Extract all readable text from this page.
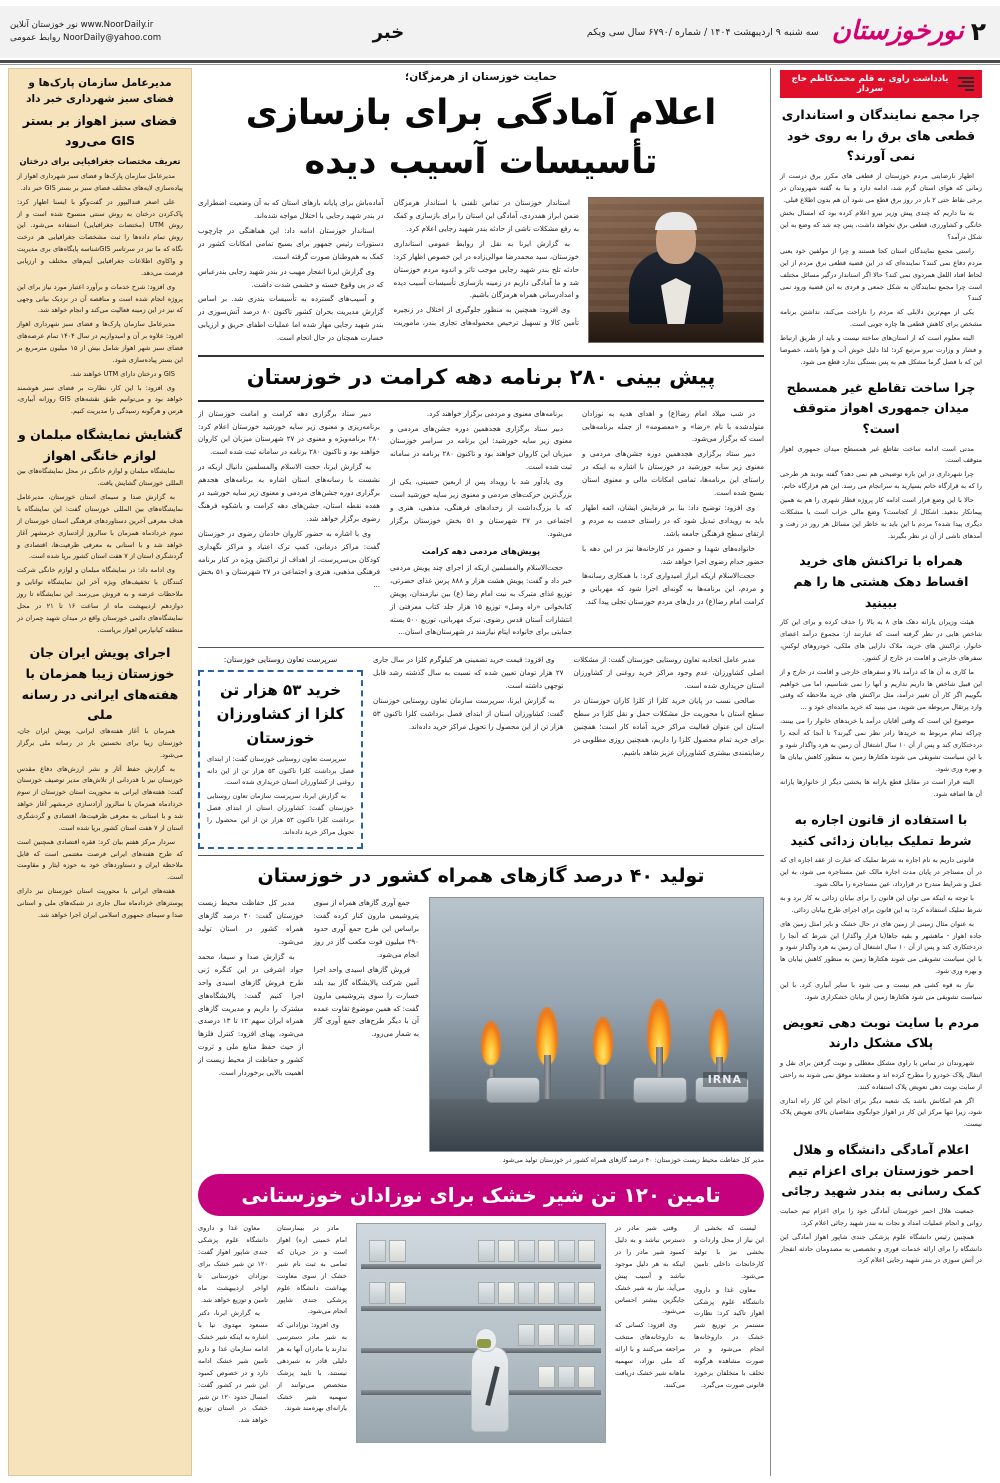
۲
نورخوزستان
سه شنبه ۹ اردیبهشت ۱۴۰۴ / شماره /۶۷۹۰ سال سی ویکم
خبر
نور خوزستان آنلاین www.NoorDaily.ir
روابط عمومی NoorDaily@yahoo.com
مدیرعامل سازمان پارک‌ها و فضای سبز شهرداری خبر داد
فضای سبز اهواز بر بستر GIS می‌رود
تعریف مختصات جغرافیایی برای درختان

مدیرعامل سازمان پارک‌ها و فضای سبز شهرداری اهواز از پیاده‌سازی لایه‌های مختلف فضای سبز بر بستر GIS خبر داد.

علی اصغر قندالیپور در گفت‌وگو با ایسنا اظهار کرد: پاک‌کردن درختان به روش سنتی منسوخ شده است و از روش UTM (مختصات جغرافیایی) استفاده می‌شود. این روش تمام داده‌ها را ثبت مشخصات جغرافیایی هر درخت نگاه که ما نیز در سرتاسر GIS‌شناسه پایگاه‌های بری مدیریت و واکاوی اطلاعات جغرافیایی آیتم‌های مختلف و ارزیابی فرصت می‌دهد.

وی افزود: شرح خدمات و برآورد اعتبار مورد نیاز برای این پروژه انجام شده است و مناقصه آن در نزدیک بیانی وجهی که نیز در این زمینه فعالیت می‌کند و انجام خواهد شد.

مدیرعامل سازمان پارک‌ها و فضای سبز شهرداری اهواز افزود: علاوه بر آن و امیدواریم در سال ۱۴۰۴ تمام عرصه‌های فضای سبز شهر اهواز شامل بیش از ۱۵ میلیون مترمربع بر این بستر پیاده‌سازی شود.

GIS و درختان دارای UTM خواهند شد.

وی افزود: با این کار، نظارت بر فضای سبز هوشمند خواهد بود و می‌توانیم طبق نقشه‌های GIS روزانه آبیاری، هرس و هرگونه رسیدگی را مدیریت کنیم.

گشایش نمایشگاه مبلمان و لوازم خانگی اهواز

نمایشگاه مبلمان و لوازم خانگی در محل نمایشگاه‌های بین المللی خوزستان گشایش یافت.

به گزارش صدا و سیمای استان خوزستان، مدیرعامل نمایشگاه‌های بین المللی خوزستان گفت: این نمایشگاه با هدف معرفی آخرین دستاوردهای فرهنگی استان خوزستان از سوم خردادماه همزمان با سالروز آزادسازی خرمشهر آغاز خواهد شد و با استانی به معرفی ظرفیت‌ها، اقتصادی و گردشگری استان از ۷ هفت استان کشور برپا شده است.

وی ادامه داد: در نمایشگاه مبلمان و لوازم خانگی شرکت کنندگان با تخفیف‌های ویژه آخر این نمایشگاه توانایی و ملاحظات عرضه و به فروش می‌رسد. این نمایشگاه تا روز دوازدهم اردیبهشت ماه از ساعت ۱۶ تا ۲۱ در محل نمایشگاه‌های دائمی خوزستان واقع در میدان شهید چمران در منطقه کیانپارس اهواز برپاست.

اجرای پویش ایران جان خوزستان زیبا همزمان با هفته‌های ایرانی در رسانه ملی

همزمان با آغاز هفته‌های ایرانی، پویش ایران جان، خوزستان زیبا برای نخستین بار در رسانه ملی برگزار می‌شود.

به گزارش حفظ آثار و نشر ارزش‌های دفاع مقدس خوزستان نیز با قدردانی از تلاش‌های مدیر توصیف خوزستان گفت: هفته‌های ایرانی به محوریت استان خوزستان از سوم خردادماه همزمان با سالروز آزادسازی خرمشهر آغاز خواهد شد و با استانی به معرفی ظرفیت‌ها، اقتصادی و گردشگری استان از ۷ هفت استان کشور برپا شده است.

سردار مرکز هفتم بیان کرد: فقره اقتصادی همچنین است که طرح هفته‌های ایرانی فرصت مغتنمی است که قابل ملاحظه ایران و دستاوردهای خود به حوزه ایثار و مقاومت است.

هفته‌های ایرانی با محوریت استان خوزستان نیز دارای پوسترهای خردادماه سال جاری در شبکه‌های ملی و استانی صدا و سیمای جمهوری اسلامی ایران اجرا خواهد شد.

حمایت خوزستان از هرمزگان؛
اعلام آمادگی برای بازسازی تأسیسات آسیب دیده

استاندار خوزستان در تماس تلفنی با استاندار هرمزگان ضمن ابراز همدردی، آمادگی این استان را برای بازسازی و کمک به رفع مشکلات ناشی از حادثه بندر شهید رجایی اعلام کرد.

به گزارش ایرنا به نقل از روابط عمومی استانداری خوزستان، سید محمدرضا موالی‌زاده در این خصوص اظهار کرد: حادثه تلخ بندر شهید رجایی موجب تاثر و اندوه مردم خوزستان شد و ما آمادگی داریم در زمینه بازسازی تأسیسات آسیب دیده و امدادرسانی همراه هرمزگان باشیم.

وی افزود: همچنین به منظور جلوگیری از اختلال در زنجیره تأمین کالا و تسهیل ترخیص محموله‌های تجاری بندر، ماموریت آماده‌باش برای پایانه بارهای استان که به آن وضعیت اضطراری در بندر شهید رجایی با اختلال مواجه شده‌اند.

استاندار خوزستان ادامه داد: این هماهنگی در چارچوب دستورات رئیس جمهور برای بسیج تمامی امکانات کشور در کمک به هم‌وطنان صورت گرفته است.

وی گزارش ایرنا انفجار مهیب در بندر شهید رجایی بندرعباس که در پی وقوع خسته و خشمی شدت داشت.

و آسیب‌های گسترده به تأسیسات بندری شد. بر اساس گزارش مدیریت بحران کشور تاکنون ۸۰ درصد آتش‌سوزی در بندر شهید رجایی مهار شده اما عملیات اطفای حریق و ارزیابی خسارت همچنان در حال انجام است.

پیش بینی ۲۸۰ برنامه دهه کرامت در خوزستان

در شب میلاد امام رضا(ع) و اهدای هدیه به نوزادان متولدشده با نام «رضا» و «معصومه» از جمله برنامه‌هایی است که برگزار می‌شود.

دبیر ستاد برگزاری هجدهمین دوره جشن‌های مردمی و معنوی زیر سایه خورشید در خوزستان با اشاره به اینکه در راستای این برنامه‌ها، تمامی امکانات مالی و معنوی استان بسیج شده است.

وی افزود: توضیح داد: بنا بر فرمایش ایشان، ائمه اطهار باید به رویدادی تبدیل شود که در راستای خدمت به مردم و ارتقای سطح فرهنگی جامعه باشد.

خانواده‌های شهدا و حضور در کارخانه‌ها نیز در این دهه با حضور خدام رضوی اجرا خواهد شد.

حجت‌الاسلام اریکه ابراز امیدواری کرد: با همکاری رسانه‌ها و مردم، این برنامه‌ها به گونه‌ای اجرا شود که مهربانی و کرامت امام رضا(ع) در دل‌های مردم خوزستان تجلی پیدا کند.

برنامه‌های معنوی و مردمی برگزار خواهند کرد.

دبیر ستاد برگزاری هجدهمین دوره جشن‌های مردمی و معنوی زیر سایه خورشید: این برنامه در سراسر خوزستان میزبان این کاروان خواهند بود و تاکنون ۲۸۰ برنامه در سامانه ثبت شده است.

وی یادآور شد با رویداد پس از اربعین حسینی، یکی از بزرگ‌ترین حرکت‌های مردمی و معنوی زیر سایه خورشید است که با بزرگ‌داشت از رخدادهای فرهنگی، مذهبی، هنری و اجتماعی در ۲۷ شهرستان و ۵۱ بخش خوزستان برگزار می‌شود.

پویش‌های مردمی دهه کرامت

حجت‌الاسلام والمسلمین اریکه از اجرای چند پویش مردمی خبر داد و گفت: پویش هشت هزار و ۸۸۸ پرس غذای حضرتی، توزیع غذای متبرک به نیت امام رضا (ع) بین نیازمندان، پویش کتابخوانی «راه وصل» توزیع ۱۵ هزار جلد کتاب معرفتی از انتشارات آستان قدس رضوی، تبرک مهربانی، توزیع ۵۰۰ بسته حمایتی برای خانواده ایتام نیازمند در شهرستان‌های استان...

دبیر ستاد برگزاری دهه کرامت و امامت خوزستان از برنامه‌ریزی و معنوی زیر سایه خورشید خوزستان اعلام کرد: ۲۸۰ برنامه‌ویژه و معنوی در ۲۷ شهرستان میزبان این کاروان خواهند بود و تاکنون ۲۸۰ برنامه در سامانه ثبت شده است.

به گزارش ایرنا، حجت الاسلام والمسلمین دانیال اریکه در نشست با رسانه‌های استان اشاره به برنامه‌های هجدهم برگزاری دوره جشن‌های مردمی و معنوی زیر سایه خورشید در هفده نقطه استان، جشن‌های دهه کرامت و باشکوه فرهنگ رضوی برگزار خواهد شد.

وی با اشاره به حضور کاروان خادمان رضوی در خوزستان گفت: مراکز درمانی، کمپ ترک اعتیاد و مراکز نگهداری کودکان بی‌سرپرست، از اهداف از تراکنش ویژه در کنار برنامه فرهنگی مذهبی، هنری و اجتماعی در ۲۷ شهرستان و ۵۱ بخش ...

مدیر عامل اتحادیه تعاون روستایی خوزستان گفت: از مشکلات اصلی کشاورزان، عدم وجود مراکز خرید روغنی از کشاورزان استان خریداری شده است.

صالحی نسب در پایان خرید کلزا از کلزا کاران خوزستان در سطح استان با محوریت حل مشکلات حمل و نقل کلزا در سطح استان این عنوان فعالیت مراکز خرید آماده کار است؛ همچنین برای خرید تمام محصول کلزا را داریم، همچنین روزی مطلوبی در رضایتمندی بیشتری کشاورزان عزیز شاهد باشیم.

وی افزود: قیمت خرید تضمینی هر کیلوگرم کلزا در سال جاری ۲۷ هزار تومان تعیین شده که نسبت به سال گذشته رشد قابل توجهی داشته است.

به گزارش ایرنا، سرپرست سازمان تعاون روستایی خوزستان گفت: کشاورزان استان از ابتدای فصل برداشت کلزا تاکنون ۵۳ هزار تن از این محصول را تحویل مراکز خرید داده‌اند.

سرپرست تعاون روستایی خوزستان:
خرید ۵۳ هزار تن کلزا از کشاورزان خوزستان

سرپرست تعاون روستایی خوزستان گفت: از ابتدای فصل برداشت کلزا تاکنون ۵۳ هزار تن از این دانه روغنی از کشاورزان استان خریداری شده است.

به گزارش ایرنا، سرپرست سازمان تعاون روستایی خوزستان گفت: کشاورزان استان از ابتدای فصل برداشت کلزا تاکنون ۵۳ هزار تن از این محصول را تحویل مراکز خرید داده‌اند.

تولید ۴۰ درصد گازهای همراه کشور در خوزستان
IRNA
مدیر کل حفاظت محیط زیست خوزستان: ۴۰ درصد گازهای همراه کشور در خوزستان تولید می‌شود

جمع آوری گازهای همراه از سوی پتروشیمی مارون کنار کرده گفت: براساس این طرح جمع آوری حدود ۲۹۰ میلیون فوت مکعب گاز در روز انجام می‌شود.

فروش گازهای اسیدی واحد اجرا آمین شرکت پالایشگاه گاز بید بلند خسارت را سوی پتروشیمی مارون گفت: که همین موضوع تفاوت عمده آن با دیگر طرح‌های جمع آوری گاز به شمار می‌رود.

مدیر کل حفاظت محیط زیست خوزستان گفت: ۴۰ درصد گازهای همراه کشور در استان تولید می‌شود.

به گزارش صدا و سیما، محمد جواد اشرفی در این کنگره ژنی طرح فروش گازهای اسیدی واحد اجرا کنیم گفت: پالایشگاه‌های مشترک را داریم و مدیریت گازهای همراه ایران سهم ۱۲ تا ۱۳ درصدی می‌شود، پهنای افزود: کنترل فلزها از حیث حفظ منابع ملی و ثروت کشور و حفاظت از محیط زیست از اهمیت بالایی برخوردار است.

تامین ۱۲۰ تن شیر خشک برای نوزادان خوزستانی

لیست که بخشی از این نیاز از محل واردات و بخشی نیز با تولید کارخانجات داخلی تامین می‌شود.

معاون غذا و داروی دانشگاه علوم پزشکی اهواز تاکید کرد: نظارت مستمر بر توزیع شیر خشک در داروخانه‌ها انجام می‌شود و در صورت مشاهده هرگونه تخلف با متخلفان برخورد قانونی صورت می‌گیرد.

وقتی شیر مادر در دسترس نباشد و به دلیل کمبود شیر مادر را در اینکه به هر دلیل موجود نباشد و آسیب پیش می‌آید، نیاز به شیر خشک جایگزین بیشتر احساس می‌شود.

وی افزود: کسانی که به داروخانه‌های منتخب مراجعه می‌کنند و با ارائه کد ملی نوزاد، سهمیه ماهانه شیر خشک دریافت می‌کنند.

مادر در بیمارستان امام خمینی (ره) اهواز است و در جریان که تمامی به ثبت نام شیر خشک از سوی معاونت بهداشت دانشگاه علوم پزشکی جندی شاپور انجام می‌شود.

وی افزود: نوزادانی که به شیر مادر دسترسی ندارند یا مادران آنها به هر دلیلی قادر به شیردهی نیستند، با تایید پزشک متخصص می‌توانند از سهمیه شیر خشک یارانه‌ای بهره‌مند شوند.

معاون غذا و داروی دانشگاه علوم پزشکی جندی شاپور اهواز گفت: ۱۲۰ تن شیر خشک برای نوزادان خوزستانی تا اواخر اردیبهشت ماه تامین و توزیع خواهد شد.

به گزارش ایرنا، دکتر مسعود مهدوی نیا با اشاره به اینکه شیر خشک ادامه سازمان غذا و دارو تامین شیر خشک ادامه دارد و در خصوص کمبود این شیر در کشور گفت: امسال حدود ۱۲۰ تن شیر خشک در استان توزیع خواهد شد.

یادداشت راوی به قلم محمدکاظم حاج سردار
چرا مجمع نمایندگان و استانداری قطعی های برق را به روی خود نمی آورند؟

اظهار نارضایتی مردم خوزستان از قطعی های مکرر برق درست از زمانی که هوای استان گرم شد، ادامه دارد و بنا به گفته شهروندان در برخی نقاط حتی ۲ بار در روز برق قطع می شود آن هم بدون اطلاع قبلی.

به بنا داریم که چندی پیش وزیر نیرو اعلام کرده بود که امسال بخش خانگی و کشاورزی، قطعی برق نخواهد داشت، پس چه شد که وضع به این شکل درآمد؟

راستی مجمع نمایندگان استان کجا هستند و چرا از مولفین خود یعنی مردم دفاع نمی کنند؟ نماینده‌ای که در این قضیه قطعی برق مردم از این لحاظ افتاد اللعل همردوی نمی کند؟ حالا اگر استاندار درگیر مسائل مختلف است چرا مجمع نمایندگان به شکل جمعی و فردی به این قضیه ورود نمی کنند؟

یکی از مهم‌ترین دلایلی که مردم را ناراحت می‌کند، نداشتن برنامه مشخص برای کاهش قطعی ها چاره جویی است.

البته معلوم است که از استان‌های ساخته نیست و باید از طریق ارتباط و فشار و وزارت نیرو مرتبع کرد؛ لذا دلیل خوش آب و هوا باشد، خصوصا این که با فصل گرما مشکل هم به پس بستگی ندارد قطع می شود.

چرا ساخت تقاطع غیر همسطح میدان جمهوری اهواز متوقف است؟

مدتی است ادامه ساخت تقاطع غیر همسطح میدان جمهوری اهواز متوقف است.

چرا شهرداری در این باره توضیحی هم نمی دهد؟ گفته بودید هر طرحی را که به قرارگاه خاتم بسپارید به سرانجام می رسد. این هم فرارگاه خاتم.

حالا با این وضع قرار است ادامه کار پروژه قطار شهری را هم به همین پیمانکار بدهید. اشکال از کجاست؟ وضع مالی خراب است یا مشکلات دیگری پیدا شده؟ مردم با این باید به خاطر این مسائل هر روز در رفت و آمدهای ناشی از آن در نظر بگیرند.

همراه با تراکنش های خرید اقساط دهک هشتی ها را هم ببینید

هیئت وزیران یارانه دهک های ۸ به بالا را حذف کرده و برای این کار شاخص هایی در نظر گرفته است که عبارتند از: مجموع درآمد اعضای خانوار، تراکنش های خرید، ملاک دارایی های ملکی، خودروهای لوکس، سفرهای خارجی و اقامت در خارج از کشور.

ما کاری به آن ها که درآمد بالا و سفرهای خارجی و اقامت در خارج و از این قبیل شاخص ها داریم نداریم و آنها را نمی شناسیم، اما می خواهیم بگوییم اگر کار آن تغییر درآمد، مثل تراکنش های خرید ملاحظه که وقتی وارد پرتقال مربوطه می شوید، می بینید که خرید مائده‌ای خود و ...

موضوع این است که وقتی آقایان درآمد یا خریدهای خانوار را می بینند، چراکه تمام مربوط به خریدها رادر نظر نمی گیرند؟ تا آنجا که آنجه را دردختکاری کند و پس از آن ۱۰ سال اشتغال آن زمین به هرد واگذار شود و با این سیاست تشویقی می شوند هکتارها زمین به منظور کاهش بیابان ها و بهره وری شود.

البته قرار است در مقابل قطع یارانه ها بخشی دیگر از خانوارها یارانه آن ها اضافه شود.

با استفاده از قانون اجاره به شرط تملیک بیابان زدائی کنید

قانونی داریم به نام اجاره به شرط تملیک که عبارت از عقد اجاره ای که در آن مستاجر در پایان مدت اجاره مالک عین مستاجره می شود، به این عمل و شرایط مندرج در قرارداد، عین مستاجره را مالک شود.

با توجه به اینکه می توان این قانون را برای بیابان زدائی به کار برد و به شرط تملیک استفاده کرد: به این قانون برای اجرای طرح بیابان زدائی.

به عنوان مثال زمینی از زمین های در حال خشک و بایر امثل زمین های جاده اهواز - ماهشهر و بقیه جاها(با قرار واگذار) این شرط که آنجا را دردختکاری کند و پس از آن ۱۰ سال اشتغال آن زمین به هرد واگذار شود و با این سیاست تشویقی می شوند هکتارها زمین به منظور کاهش بیابان ها و بهره وری شود.

نیاز به قوه کشی هم نیست و می شود با سایر آبیاری کرد. با این سیاست تشویقی می شود هکتارها زمین از بیابان خشکزاری شود.

مردم با سایت نوبت دهی تعویض پلاک مشکل دارند

شهروندان در تماس با راوی مشکل معطلی و نوبت گرفتن برای نقل و انتقال پلاک خودرو را مطرح کرده اند و معتقدند موفق نمی شوند به راحتی از سایت نوبت دهی تعویض پلاک استفاده کنند.

اگر هم امکانش باشد یک شعبه دیگر برای انجام این کار راه اندازی شود، زیرا تنها مرکز این کار در اهواز جوابگوی متقاضیان بالای تعویض پلاک نیست.

اعلام آمادگی دانشگاه و هلال احمر خوزستان برای اعزام تیم کمک رسانی به بندر شهید رجائی

جمعیت هلال احمر خوزستان آمادگی خود را برای اعزام تیم حمایت روانی و انجام عملیات امداد و نجات به بندر شهید رجائی اعلام کرد.

همچنین رئیس دانشگاه علوم پزشکی جندی شاپور اهواز آمادگی این دانشگاه را برای ارائه خدمات فوری و تخصصی به مصدومان حادثه انفجار در آتش سوزی در بندر شهید رجایی اعلام کرد.
